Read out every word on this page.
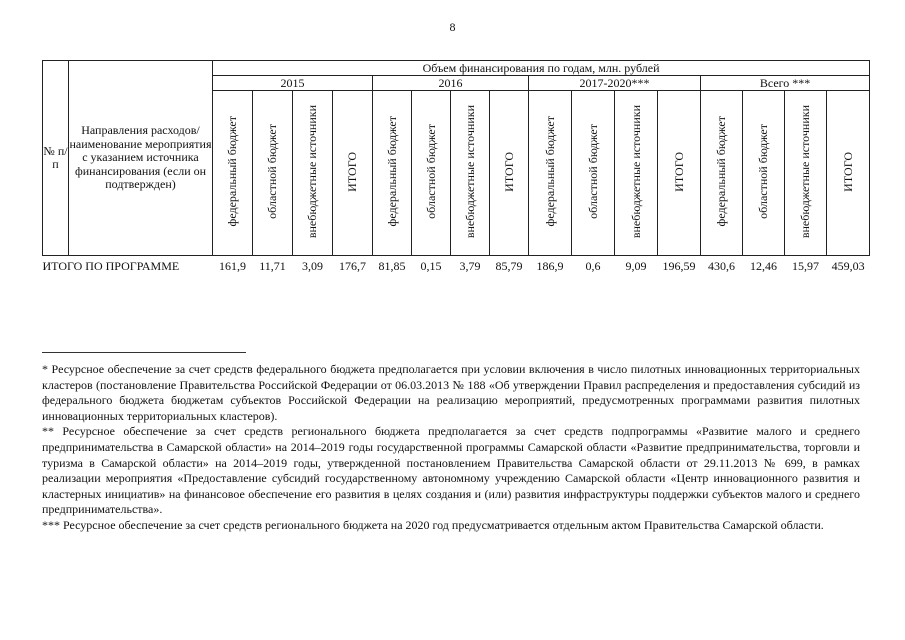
8
№ п/п	Направления расходов/ наименование мероприятия с указанием источника финансирования (если он подтвержден)	Объем финансирования по годам, млн. рублей															
		2015				2016				2017-2020***				Всего ***			
		федеральный бюджет	областной бюджет	внебюджетные источники	ИТОГО	федеральный бюджет	областной бюджет	внебюджетные источники	ИТОГО	федеральный бюджет	областной бюджет	внебюджетные источники	ИТОГО	федеральный бюджет	областной бюджет	внебюджетные источники	ИТОГО
ИТОГО ПО ПРОГРАММЕ		161,9	11,71	3,09	176,7	81,85	0,15	3,79	85,79	186,9	0,6	9,09	196,59	430,6	12,46	15,97	459,03

* Ресурсное обеспечение за счет средств федерального бюджета предполагается при условии включения в число пилотных инновационных территориальных кластеров (постановление Правительства Российской Федерации от 06.03.2013 № 188 «Об утверждении Правил распределения и предоставления субсидий из федерального бюджета бюджетам субъектов Российской Федерации на реализацию мероприятий, предусмотренных программами развития пилотных инновационных территориальных кластеров).

** Ресурсное обеспечение за счет средств регионального бюджета предполагается за счет средств подпрограммы «Развитие малого и среднего предпринимательства в Самарской области» на 2014–2019 годы государственной программы Самарской области «Развитие предпринимательства, торговли и туризма в Самарской области» на 2014–2019 годы, утвержденной постановлением Правительства Самарской области от 29.11.2013 № 699, в рамках реализации мероприятия «Предоставление субсидий государственному автономному учреждению Самарской области «Центр инновационного развития и кластерных инициатив» на финансовое обеспечение его развития в целях создания и (или) развития инфраструктуры поддержки субъектов малого и среднего предпринимательства».

*** Ресурсное обеспечение за счет средств регионального бюджета на 2020 год предусматривается отдельным актом Правительства Самарской области.
